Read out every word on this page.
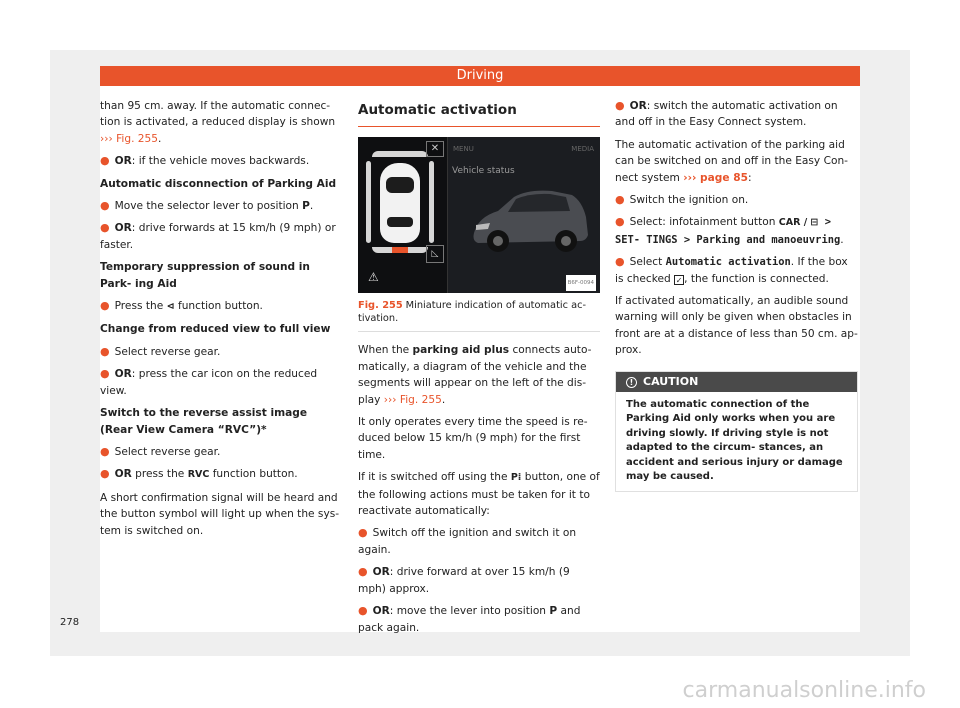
Driving

than 95 cm. away. If the automatic connec- tion is activated, a reduced display is shown ››› Fig. 255.

● OR: if the vehicle moves backwards.

Automatic disconnection of Parking Aid

● Move the selector lever to position P.

● OR: drive forwards at 15 km/h (9 mph) or faster.

Temporary suppression of sound in Park- ing Aid

● Press the ⊲ function button.

Change from reduced view to full view

● Select reverse gear.

● OR: press the car icon on the reduced view.

Switch to the reverse assist image (Rear View Camera “RVC”)*

● Select reverse gear.

● OR press the RVC function button.

A short confirmation signal will be heard and the button symbol will light up when the sys- tem is switched on.

Automatic activation
✕
◺
⚠
MENU	MEDIA
Vehicle status
B6F-0094
Fig. 255 Miniature indication of automatic ac- tivation.

When the parking aid plus connects auto- matically, a diagram of the vehicle and the segments will appear on the left of the dis- play ››› Fig. 255.

It only operates every time the speed is re- duced below 15 km/h (9 mph) for the first time.

If it is switched off using the P⁞ button, one of the following actions must be taken for it to reactivate automatically:

● Switch off the ignition and switch it on again.

● OR: drive forward at over 15 km/h (9 mph) approx.

● OR: move the lever into position P and pack again.

● OR: switch the automatic activation on and off in the Easy Connect system.

The automatic activation of the parking aid can be switched on and off in the Easy Con- nect system ››› page 85:

● Switch the ignition on.

● Select: infotainment button CAR / ⊟ > SET- TINGS > Parking and manoeuvring.

● Select Automatic activation. If the box is checked ✓ , the function is connected.

If activated automatically, an audible sound warning will only be given when obstacles in front are at a distance of less than 50 cm. ap- prox.

! CAUTION
The automatic connection of the Parking Aid only works when you are driving slowly. If driving style is not adapted to the circum- stances, an accident and serious injury or damage may be caused.
278
carmanualsonline.info
